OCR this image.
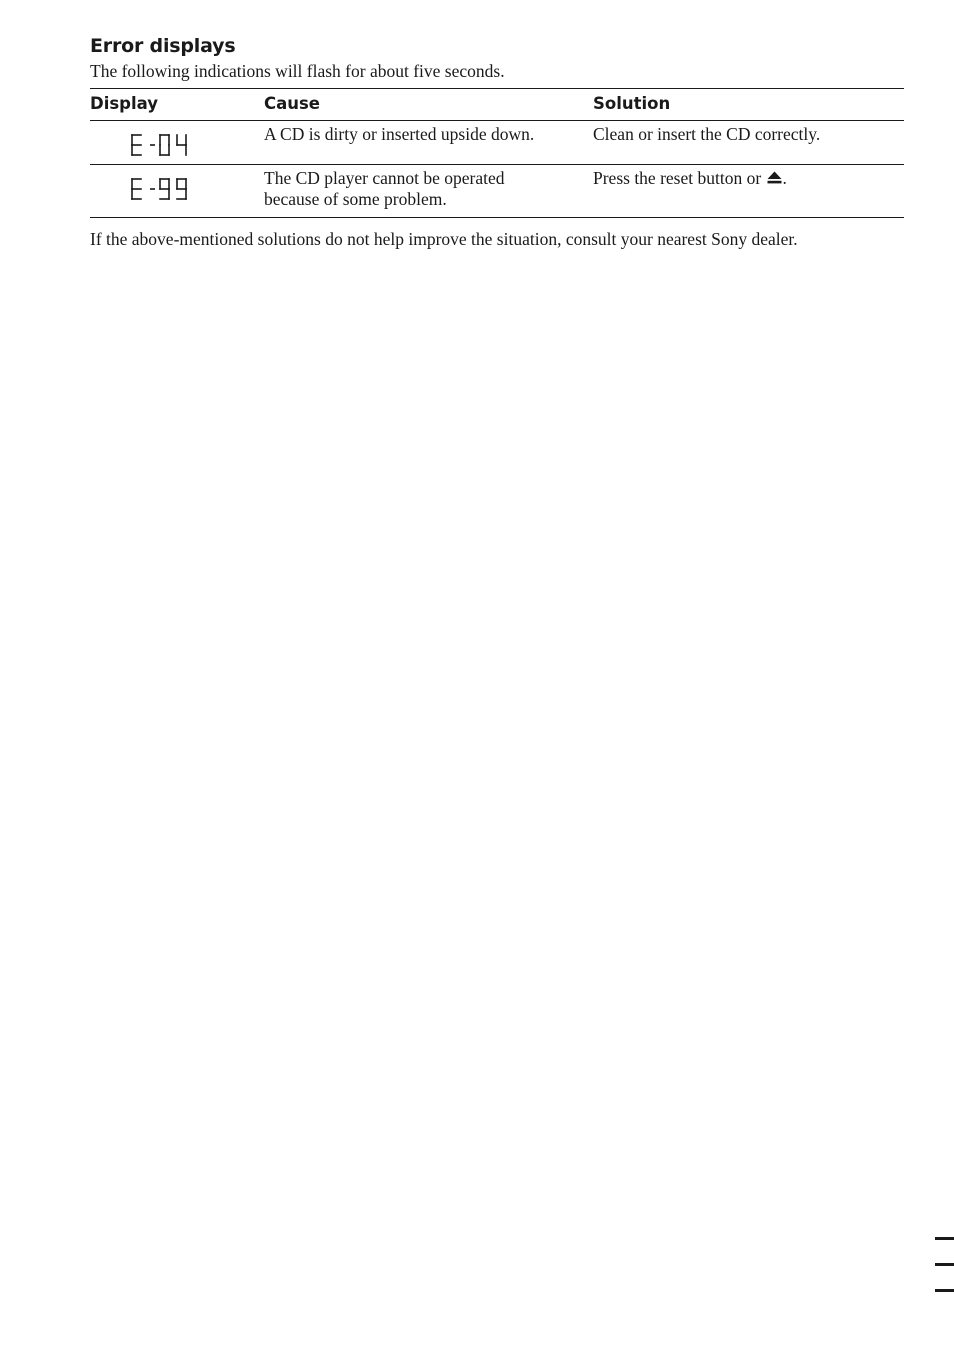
Error displays

The following indications will flash for about five seconds.

Display	Cause	Solution

	A CD is dirty or inserted upside down.	Clean or insert the CD correctly.

	The CD player cannot be operated because of some problem.	Press the reset button or .

If the above-mentioned solutions do not help improve the situation, consult your nearest Sony dealer.
